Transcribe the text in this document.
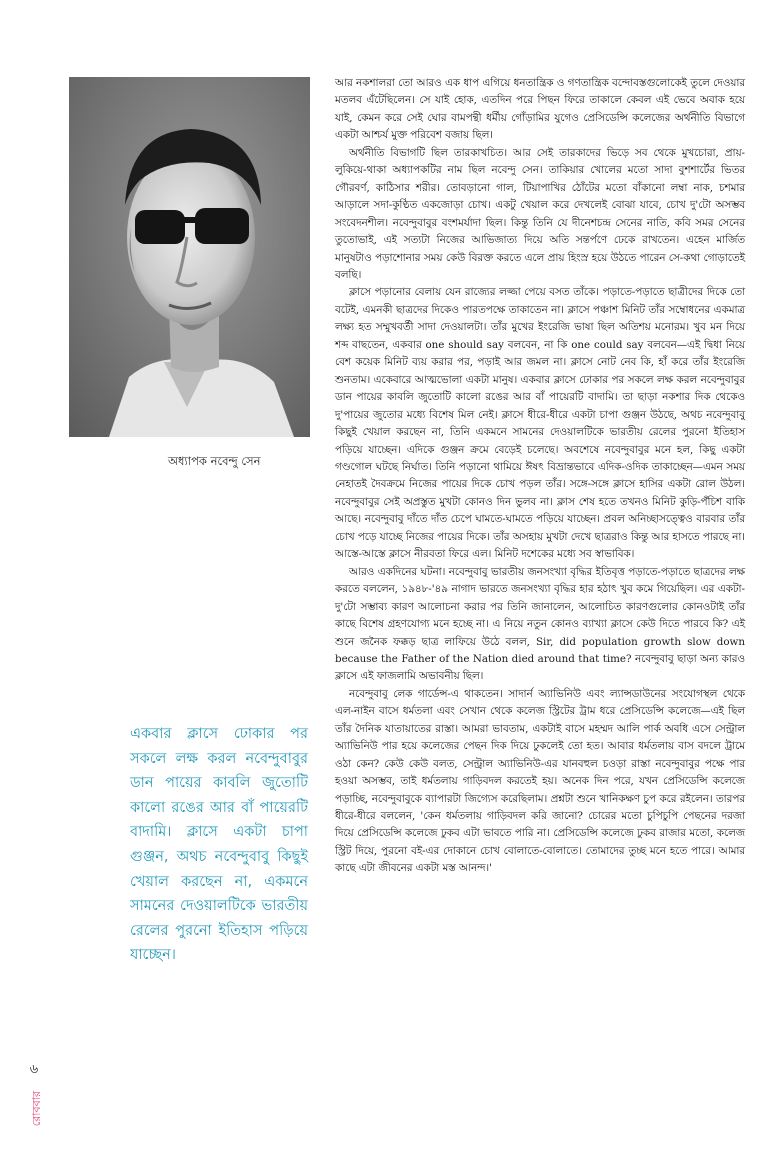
অধ্যাপক নবেন্দু সেন

আর নকশালরা তো আরও এক ধাপ এগিয়ে ধনতান্ত্রিক ও গণতান্ত্রিক বন্দোবস্তগুলোকেই তুলে দেওয়ার মতলব এঁটেছিলেন। সে যাই হোক, এতদিন পরে পিছন ফিরে তাকালে কেবল এই ভেবে অবাক হয়ে যাই, কেমন করে সেই ঘোর বামপন্থী ধর্মীয় গোঁড়ামির যুগেও প্রেসিডেন্সি কলেজের অর্থনীতি বিভাগে একটা আশ্চর্য মুক্ত পরিবেশ বজায় ছিল।

অর্থনীতি বিভাগটি ছিল তারকাখচিত। আর সেই তারকাদের ভিড়ে সব থেকে মুখচোরা, প্রায়-লুকিয়ে-থাকা অধ্যাপকটির নাম ছিল নবেন্দু সেন। তাকিয়ার খোলের মতো সাদা বুশশার্টের ভিতর গৌরবর্ণ, কাঠিসার শরীর। তোবড়ানো গাল, টিয়াপাখির ঠোঁটের মতো বাঁকানো লম্বা নাক, চশমার আড়ালে সদা-কুণ্ঠিত একজোড়া চোখ। একটু খেয়াল করে দেখলেই বোঝা যাবে, চোখ দু'টো অসম্ভব সংবেদনশীল। নবেন্দুবাবুর বংশমর্যাদা ছিল। কিন্তু তিনি যে দীনেশচন্দ্র সেনের নাতি, কবি সমর সেনের তুতোভাই, এই সত্যটা নিজের আভিজাত্য দিয়ে অতি সন্তর্পণে ঢেকে রাখতেন। এহেন মার্জিত মানুষটাও পড়াশোনার সময় কেউ বিরক্ত করতে এলে প্রায় হিংস্র হয়ে উঠতে পারেন সে-কথা গোড়াতেই বলছি।

ক্লাসে পড়ানোর বেলায় যেন রাজ্যের লজ্জা পেয়ে বসত তাঁকে। পড়াতে-পড়াতে ছাত্রীদের দিকে তো বটেই, এমনকী ছাত্রদের দিকেও পারতপক্ষে তাকাতেন না। ক্লাসে পঞ্চাশ মিনিট তাঁর সম্বোধনের একমাত্র লক্ষ্য হত সম্মুখবর্তী সাদা দেওয়ালটা। তাঁর মুখের ইংরেজি ভাষা ছিল অতিশয় মনোরম। খুব মন দিয়ে শব্দ বাছতেন, একবার one should say বলবেন, না কি one could say বলবেন—এই দ্বিধা নিয়ে বেশ কয়েক মিনিট ব্যয় করার পর, পড়াই আর জমল না। ক্লাসে নোট নেব কি, হাঁ করে তাঁর ইংরেজি শুনতাম। একেবারে আত্মভোলা একটা মানুষ। একবার ক্লাসে ঢোকার পর সকলে লক্ষ করল নবেন্দুবাবুর ডান পায়ের কাবলি জুতোটি কালো রঙের আর বাঁ পায়েরটি বাদামি। তা ছাড়া নকশার দিক থেকেও দু'পায়ের জুতোর মধ্যে বিশেষ মিল নেই। ক্লাসে ধীরে-ধীরে একটা চাপা গুঞ্জন উঠছে, অথচ নবেন্দুবাবু কিছুই খেয়াল করছেন না, তিনি একমনে সামনের দেওয়ালটিকে ভারতীয় রেলের পুরনো ইতিহাস পড়িয়ে যাচ্ছেন। এদিকে গুঞ্জন ক্রমে বেড়েই চলেছে। অবশেষে নবেন্দুবাবুর মনে হল, কিছু একটা গণ্ডগোল ঘটছে নির্ঘাত। তিনি পড়ানো থামিয়ে ঈষৎ বিভ্রান্তভাবে এদিক-ওদিক তাকাচ্ছেন—এমন সময় নেহাতই দৈবক্রমে নিজের পায়ের দিকে চোখ পড়ল তাঁর। সঙ্গে-সঙ্গে ক্লাসে হাসির একটা রোল উঠল। নবেন্দুবাবুর সেই অপ্রস্তুত মুখটা কোনও দিন ভুলব না। ক্লাস শেষ হতে তখনও মিনিট কুড়ি-পঁচিশ বাকি আছে। নবেন্দুবাবু দাঁতে দাঁত চেপে ঘামতে-ঘামতে পড়িয়ে যাচ্ছেন। প্রবল অনিচ্ছাসত্ত্বেও বারবার তাঁর চোখ পড়ে যাচ্ছে নিজের পায়ের দিকে। তাঁর অসহায় মুখটা দেখে ছাত্ররাও কিন্তু আর হাসতে পারছে না। আস্তে-আস্তে ক্লাসে নীরবতা ফিরে এল। মিনিট দশেকের মধ্যে সব স্বাভাবিক।

আরও একদিনের ঘটনা। নবেন্দুবাবু ভারতীয় জনসংখ্যা বৃদ্ধির ইতিবৃত্ত পড়াতে-পড়াতে ছাত্রদের লক্ষ করতে বললেন, ১৯৪৮-'৪৯ নাগাদ ভারতে জনসংখ্যা বৃদ্ধির হার হঠাৎ খুব কমে গিয়েছিল। এর একটা-দু'টো সম্ভাব্য কারণ আলোচনা করার পর তিনি জানালেন, আলোচিত কারণগুলোর কোনওটাই তাঁর কাছে বিশেষ গ্রহণযোগ্য মনে হচ্ছে না। এ নিয়ে নতুন কোনও ব্যাখ্যা ক্লাসে কেউ দিতে পারবে কি? এই শুনে জনৈক ফক্কড় ছাত্র লাফিয়ে উঠে বলল, Sir, did population growth slow down because the Father of the Nation died around that time? নবেন্দুবাবু ছাড়া অন্য কারও ক্লাসে এই ফাজলামি অভাবনীয় ছিল।

নবেন্দুবাবু লেক গার্ডেন্স-এ থাকতেন। সাদার্ন অ্যাভিনিউ এবং ল্যান্সডাউনের সংযোগস্থল থেকে এল-নাইন বাসে ধর্মতলা এবং সেখান থেকে কলেজ স্ট্রিটের ট্রাম ধরে প্রেসিডেন্সি কলেজে—এই ছিল তাঁর দৈনিক যাতায়াতের রাস্তা। আমরা ভাবতাম, একটাই বাসে মহম্মদ আলি পার্ক অবধি এসে সেন্ট্রাল অ্যাভিনিউ পার হয়ে কলেজের পেছন দিক দিয়ে ঢুকলেই তো হত। আবার ধর্মতলায় বাস বদলে ট্রামে ওঠা কেন? কেউ কেউ বলত, সেন্ট্রাল অ্যাভিনিউ-এর যানবহুল চওড়া রাস্তা নবেন্দুবাবুর পক্ষে পার হওয়া অসম্ভব, তাই ধর্মতলায় গাড়িবদল করতেই হয়। অনেক দিন পরে, যখন প্রেসিডেন্সি কলেজে পড়াচ্ছি, নবেন্দুবাবুকে ব্যাপারটা জিগ্যেস করেছিলাম। প্রশ্নটা শুনে খানিকক্ষণ চুপ করে রইলেন। তারপর ধীরে-ধীরে বললেন, 'কেন ধর্মতলায় গাড়িবদল করি জানো? চোরের মতো চুপিচুপি পেছনের দরজা দিয়ে প্রেসিডেন্সি কলেজে ঢুকব এটা ভাবতে পারি না। প্রেসিডেন্সি কলেজে ঢুকব রাজার মতো, কলেজ স্ট্রিট দিয়ে, পুরনো বই-এর দোকানে চোখ বোলাতে-বোলাতে। তোমাদের তুচ্ছ মনে হতে পারে। আমার কাছে এটা জীবনের একটা মস্ত আনন্দ।'

একবার ক্লাসে ঢোকার পর সকলে লক্ষ করল নবেন্দুবাবুর ডান পায়ের কাবলি জুতোটি কালো রঙের আর বাঁ পায়েরটি বাদামি। ক্লাসে একটা চাপা গুঞ্জন, অথচ নবেন্দুবাবু কিছুই খেয়াল করছেন না, একমনে সামনের দেওয়ালটিকে ভারতীয় রেলের পুরনো ইতিহাস পড়িয়ে যাচ্ছেন।
৬
রোববার
